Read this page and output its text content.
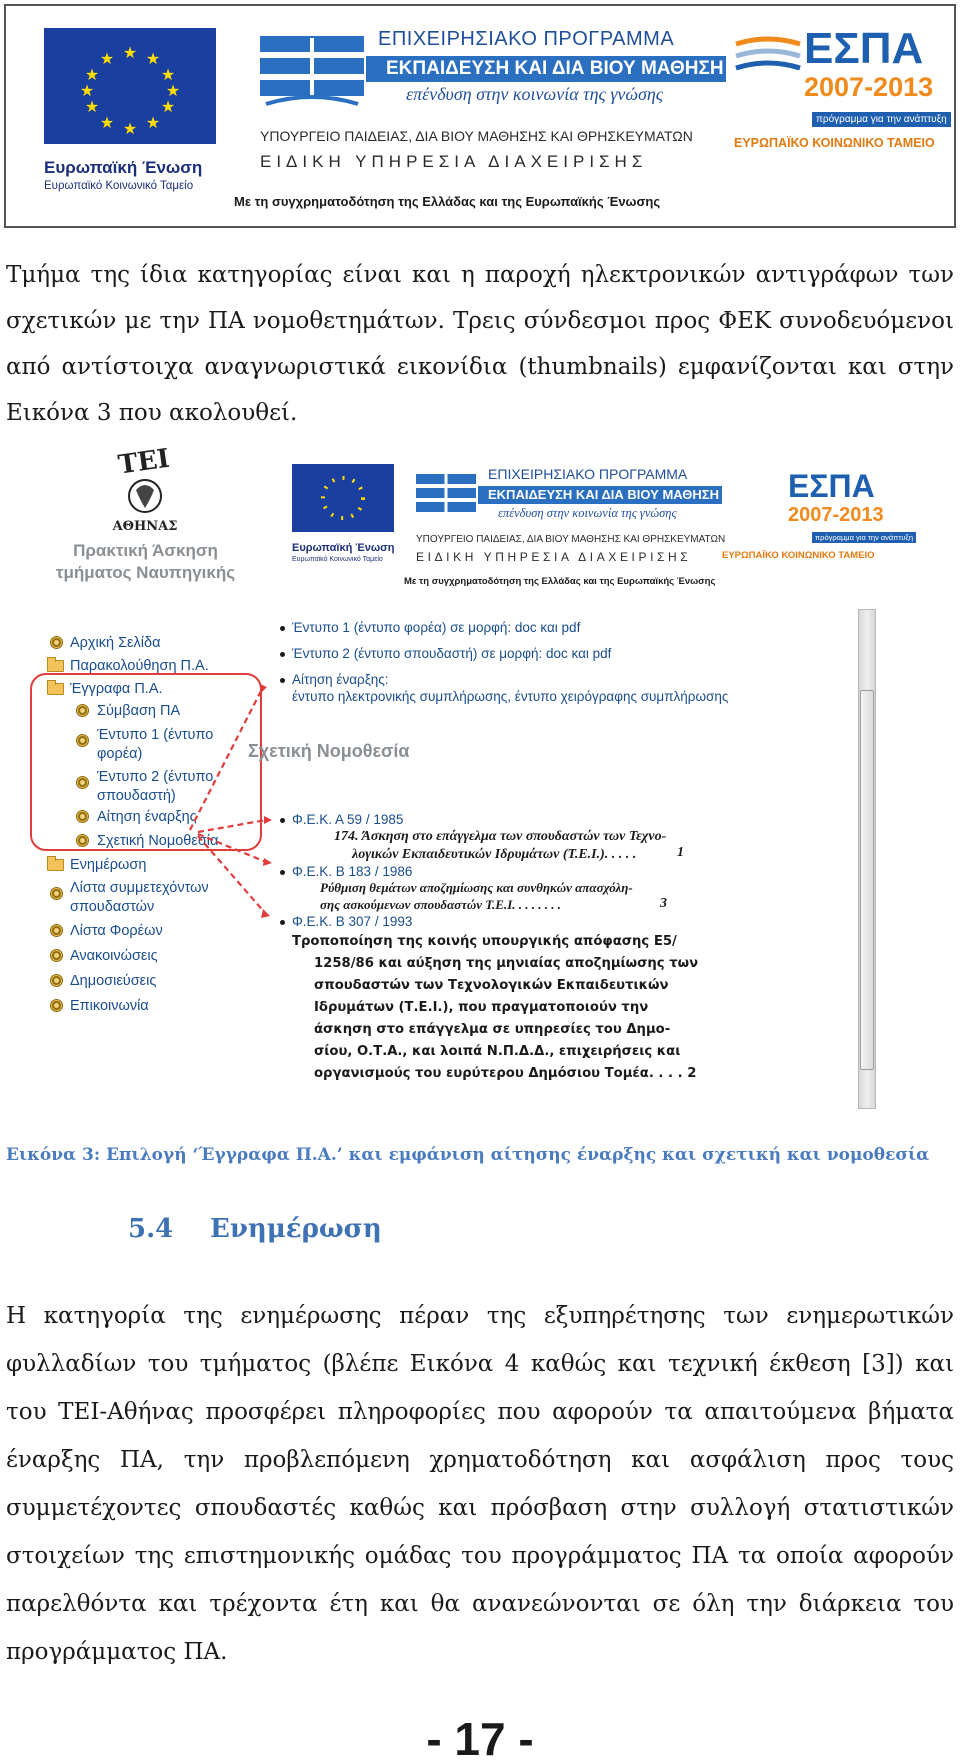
★ ★
★
★
★
★
★
★
★
★
★
★
Ευρωπαϊκή Ένωση
Ευρωπαϊκό Κοινωνικό Ταμείο
ΕΠΙΧΕΙΡΗΣΙΑΚΟ ΠΡΟΓΡΑΜΜΑ
ΕΚΠΑΙΔΕΥΣΗ ΚΑΙ ΔΙΑ ΒΙΟΥ ΜΑΘΗΣΗ
επένδυση στην κοινωνία της γνώσης
ΥΠΟΥΡΓΕΙΟ ΠΑΙΔΕΙΑΣ, ΔΙΑ ΒΙΟΥ ΜΑΘΗΣΗΣ ΚΑΙ ΘΡΗΣΚΕΥΜΑΤΩΝ
ΕΙΔΙΚΗ ΥΠΗΡΕΣΙΑ ΔΙΑΧΕΙΡΙΣΗΣ
Με τη συγχρηματοδότηση της Ελλάδας και της Ευρωπαϊκής Ένωσης
ΕΣΠΑ
2007-2013
πρόγραμμα για την ανάπτυξη
ΕΥΡΩΠΑΪΚΟ ΚΟΙΝΩΝΙΚΟ ΤΑΜΕΙΟ

Τμήμα της ίδια κατηγορίας είναι και η παροχή ηλεκτρονικών αντιγράφων των σχετικών με την ΠΑ νομοθετημάτων. Τρεις σύνδεσμοι προς ΦΕΚ συνοδευόμενοι από αντίστοιχα αναγνωριστικά εικονίδια (thumbnails) εμφανίζονται και στην Εικόνα 3 που ακολουθεί.

ΤΕΙ
ΑΘΗΝΑΣ
Πρακτική Άσκηση
τμήματος Ναυπηγικής
Ευρωπαϊκή Ένωση
Ευρωπαϊκό Κοινωνικό Ταμείο
ΕΠΙΧΕΙΡΗΣΙΑΚΟ ΠΡΟΓΡΑΜΜΑ
ΕΚΠΑΙΔΕΥΣΗ ΚΑΙ ΔΙΑ ΒΙΟΥ ΜΑΘΗΣΗ
επένδυση στην κοινωνία της γνώσης
ΥΠΟΥΡΓΕΙΟ ΠΑΙΔΕΙΑΣ, ΔΙΑ ΒΙΟΥ ΜΑΘΗΣΗΣ ΚΑΙ ΘΡΗΣΚΕΥΜΑΤΩΝ
ΕΙΔΙΚΗ ΥΠΗΡΕΣΙΑ ΔΙΑΧΕΙΡΙΣΗΣ
Με τη συγχρηματοδότηση της Ελλάδας και της Ευρωπαϊκής Ένωσης
ΕΣΠΑ
2007-2013
πρόγραμμα για την ανάπτυξη
ΕΥΡΩΠΑΪΚΟ ΚΟΙΝΩΝΙΚΟ ΤΑΜΕΙΟ
Αρχική Σελίδα
Παρακολούθηση Π.Α.
Έγγραφα Π.Α.
Σύμβαση ΠΑ
Έντυπο 1 (έντυπο
φορέα)
Έντυπο 2 (έντυπο
σπουδαστή)
Αίτηση έναρξης
Σχετική Νομοθεσία
Ενημέρωση
Λίστα συμμετεχόντων
σπουδαστών
Λίστα Φορέων
Ανακοινώσεις
Δημοσιεύσεις
Επικοινωνία
Έντυπο 1 (έντυπο φορέα) σε μορφή: doc και pdf
Έντυπο 2 (έντυπο σπουδαστή) σε μορφή: doc και pdf
Αίτηση έναρξης:
έντυπο ηλεκτρονικής συμπλήρωσης, έντυπο χειρόγραφης συμπλήρωσης
Σχετική Νομοθεσία
Φ.Ε.Κ. Α 59 / 1985
174. Άσκηση στο επάγγελμα των σπουδαστών των Τεχνο-
λογικών Εκπαιδευτικών Ιδρυμάτων (Τ.Ε.Ι.). . . . .	1
Φ.Ε.Κ. Β 183 / 1986
Ρύθμιση θεμάτων αποζημίωσης και συνθηκών απασχόλη-
σης ασκούμενων σπουδαστών Τ.Ε.Ι. . . . . . . .	3
Φ.Ε.Κ. Β 307 / 1993
Τροποποίηση της κοινής υπουργικής απόφασης Ε5/
1258/86 και αύξηση της μηνιαίας αποζημίωσης των
σπουδαστών των Τεχνολογικών Εκπαιδευτικών
Ιδρυμάτων (Τ.Ε.Ι.), που πραγματοποιούν την
άσκηση στο επάγγελμα σε υπηρεσίες του Δημο-
σίου, Ο.Τ.Α., και λοιπά Ν.Π.Δ.Δ., επιχειρήσεις και
οργανισμούς του ευρύτερου Δημόσιου Τομέα. . . . 2
Εικόνα 3: Επιλογή ‘Έγγραφα Π.Α.’ και εμφάνιση αίτησης έναρξης και σχετική και νομοθεσία
5.4 Ενημέρωση

Η κατηγορία της ενημέρωσης πέραν της εξυπηρέτησης των ενημερωτικών φυλλαδίων του τμήματος (βλέπε Εικόνα 4 καθώς και τεχνική έκθεση [3]) και του ΤΕΙ-Αθήνας προσφέρει πληροφορίες που αφορούν τα απαιτούμενα βήματα έναρξης ΠΑ, την προβλεπόμενη χρηματοδότηση και ασφάλιση προς τους συμμετέχοντες σπουδαστές καθώς και πρόσβαση στην συλλογή στατιστικών στοιχείων της επιστημονικής ομάδας του προγράμματος ΠΑ τα οποία αφορούν παρελθόντα και τρέχοντα έτη και θα ανανεώνονται σε όλη την διάρκεια του προγράμματος ΠΑ.

- 17 -
